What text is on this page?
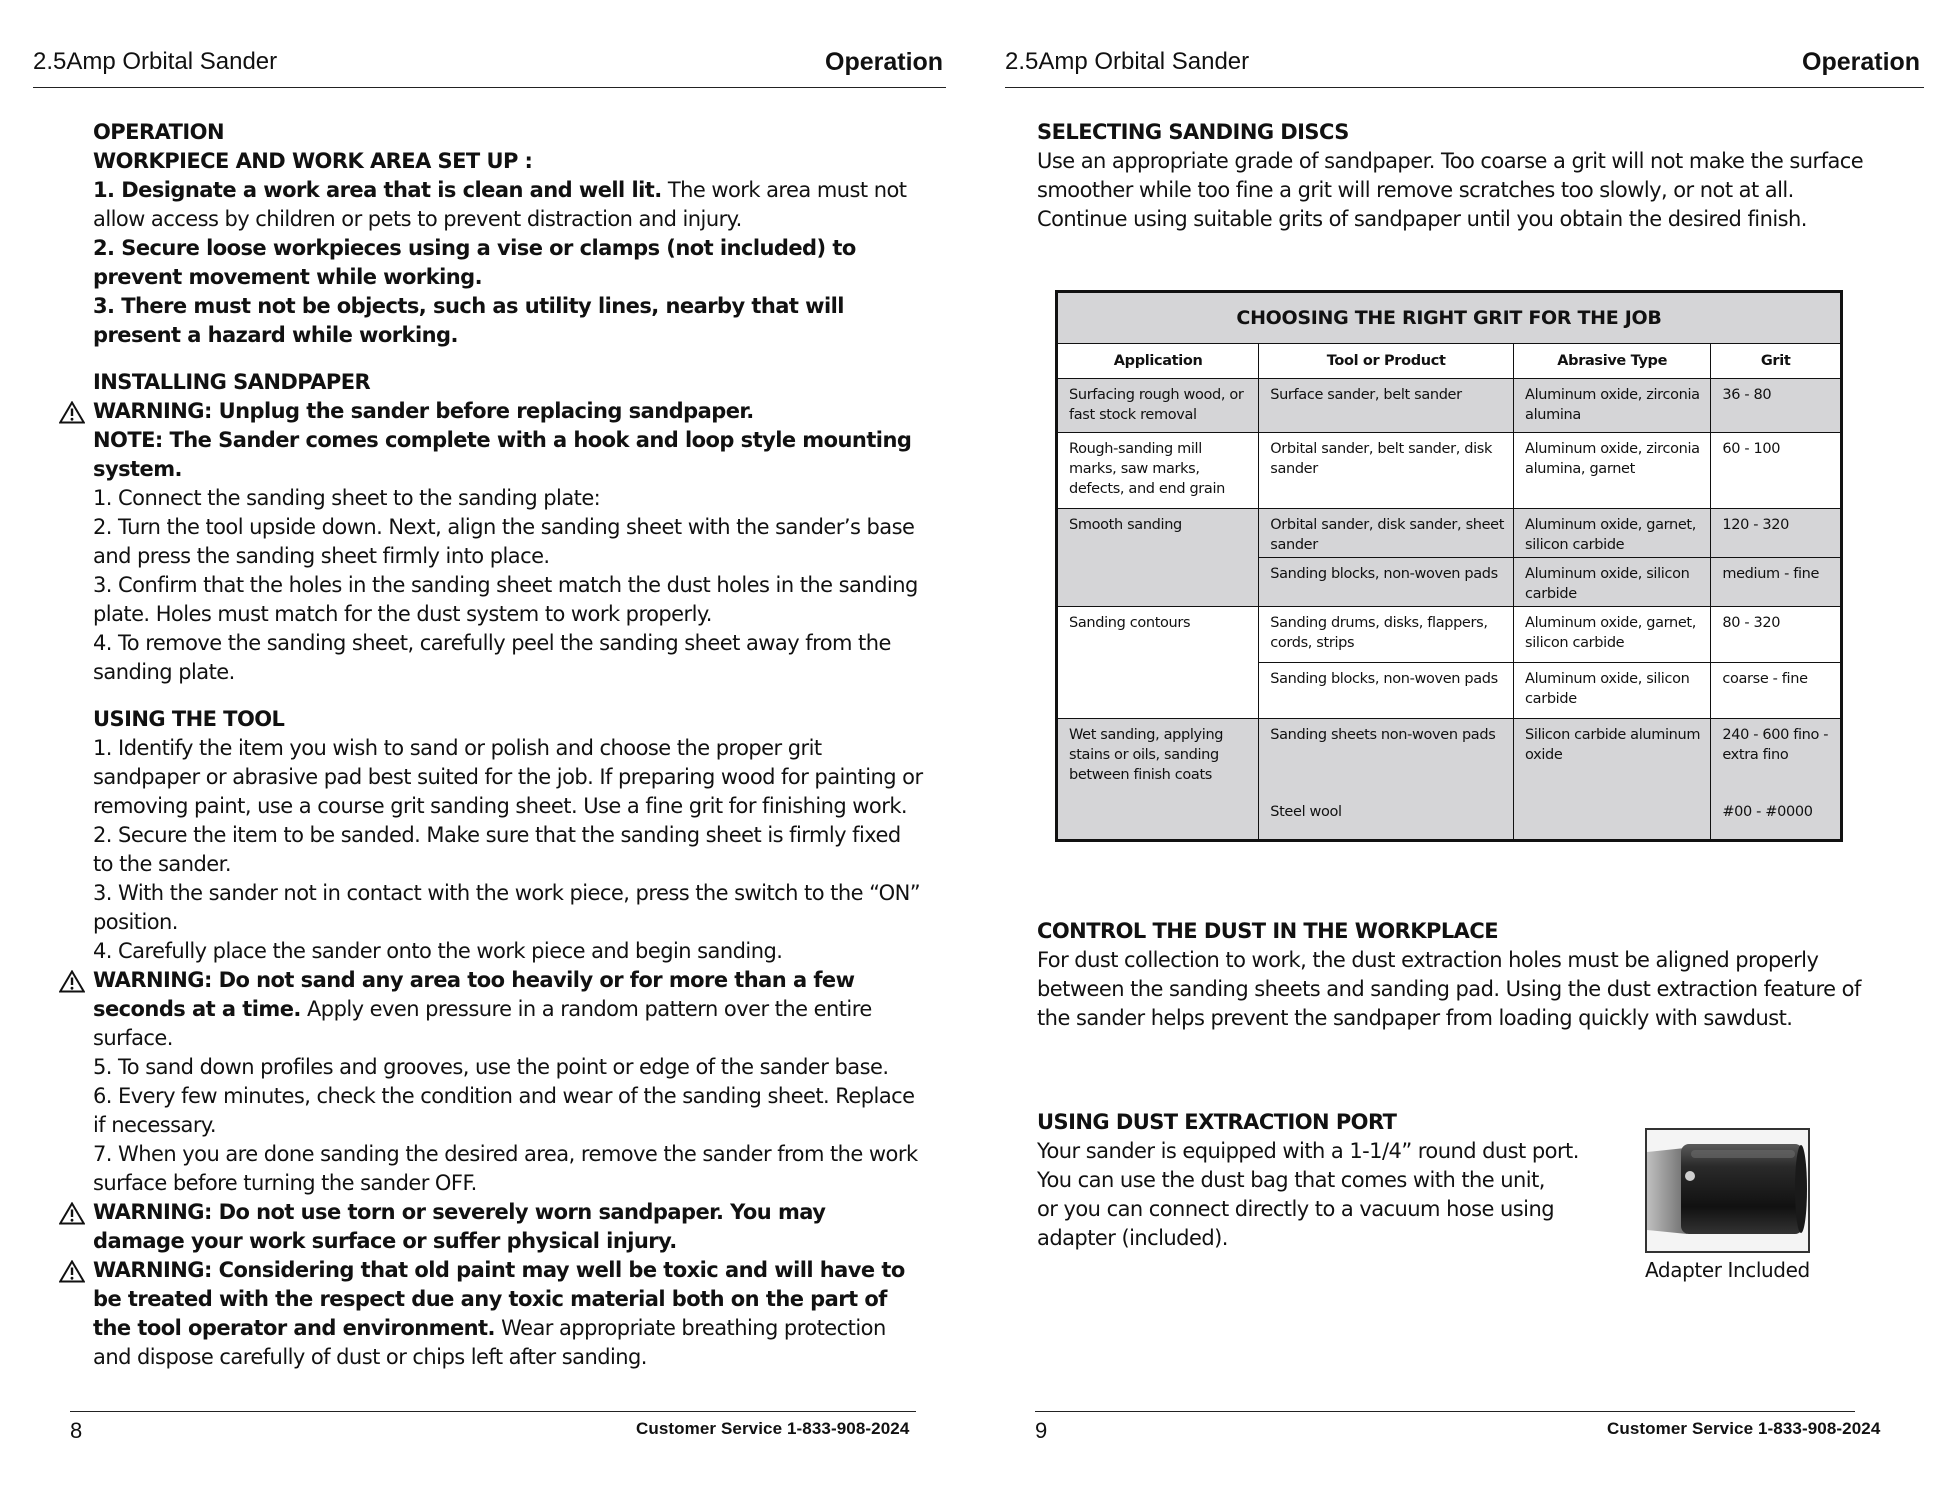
2.5Amp Orbital Sander	Operation

OPERATION

WORKPIECE AND WORK AREA SET UP :

1. Designate a work area that is clean and well lit. The work area must not allow access by children or pets to prevent distraction and injury.

2. Secure loose workpieces using a vise or clamps (not included) to prevent movement while working.

3. There must not be objects, such as utility lines, nearby that will present a hazard while working.

INSTALLING SANDPAPER

WARNING: Unplug the sander before replacing sandpaper.

NOTE: The Sander comes complete with a hook and loop style mounting system.

1. Connect the sanding sheet to the sanding plate:

2. Turn the tool upside down. Next, align the sanding sheet with the sander’s base and press the sanding sheet firmly into place.

3. Confirm that the holes in the sanding sheet match the dust holes in the sanding plate. Holes must match for the dust system to work properly.

4. To remove the sanding sheet, carefully peel the sanding sheet away from the sanding plate.

USING THE TOOL

1. Identify the item you wish to sand or polish and choose the proper grit sandpaper or abrasive pad best suited for the job. If preparing wood for painting or removing paint, use a course grit sanding sheet. Use a fine grit for finishing work.

2. Secure the item to be sanded. Make sure that the sanding sheet is firmly fixed to the sander.

3. With the sander not in contact with the work piece, press the switch to the “ON” position.

4. Carefully place the sander onto the work piece and begin sanding.

WARNING: Do not sand any area too heavily or for more than a few seconds at a time. Apply even pressure in a random pattern over the entire surface.

5. To sand down profiles and grooves, use the point or edge of the sander base.

6. Every few minutes, check the condition and wear of the sanding sheet. Replace if necessary.

7. When you are done sanding the desired area, remove the sander from the work surface before turning the sander OFF.

WARNING: Do not use torn or severely worn sandpaper. You may damage your work surface or suffer physical injury.

WARNING: Considering that old paint may well be toxic and will have to be treated with the respect due any toxic material both on the part of the tool operator and environment. Wear appropriate breathing protection and dispose carefully of dust or chips left after sanding.

8	Customer Service 1-833-908-2024
2.5Amp Orbital Sander	Operation

SELECTING SANDING DISCS

Use an appropriate grade of sandpaper. Too coarse a grit will not make the surface smoother while too fine a grit will remove scratches too slowly, or not at all. Continue using suitable grits of sandpaper until you obtain the desired finish.

CONTROL THE DUST IN THE WORKPLACE

For dust collection to work, the dust extraction holes must be aligned properly between the sanding sheets and sanding pad. Using the dust extraction feature of the sander helps prevent the sandpaper from loading quickly with sawdust.

USING DUST EXTRACTION PORT

Your sander is equipped with a 1-1/4” round dust port.

You can use the dust bag that comes with the unit,

or you can connect directly to a vacuum hose using

adapter (included).

9	Customer Service 1-833-908-2024
CHOOSING THE RIGHT GRIT FOR THE JOB			
Application	Tool or Product	Abrasive Type	Grit
Surfacing rough wood, or fast stock removal	Surface sander, belt sander	Aluminum oxide, zirconia alumina	36 - 80
Rough-sanding mill marks, saw marks, defects, and end grain	Orbital sander, belt sander, disk sander	Aluminum oxide, zirconia alumina, garnet	60 - 100
Smooth sanding	Orbital sander, disk sander, sheet sander	Aluminum oxide, garnet, silicon carbide	120 - 320
	Sanding blocks, non-woven pads	Aluminum oxide, silicon carbide	medium - fine
Sanding contours	Sanding drums, disks, flappers, cords, strips	Aluminum oxide, garnet, silicon carbide	80 - 320
	Sanding blocks, non-woven pads	Aluminum oxide, silicon carbide	coarse - fine
Wet sanding, applying stains or oils, sanding between finish coats	Sanding sheets non-woven pads	Silicon carbide aluminum oxide	240 - 600 fino - extra fino
	Steel wool		#00 - #0000
Adapter Included
